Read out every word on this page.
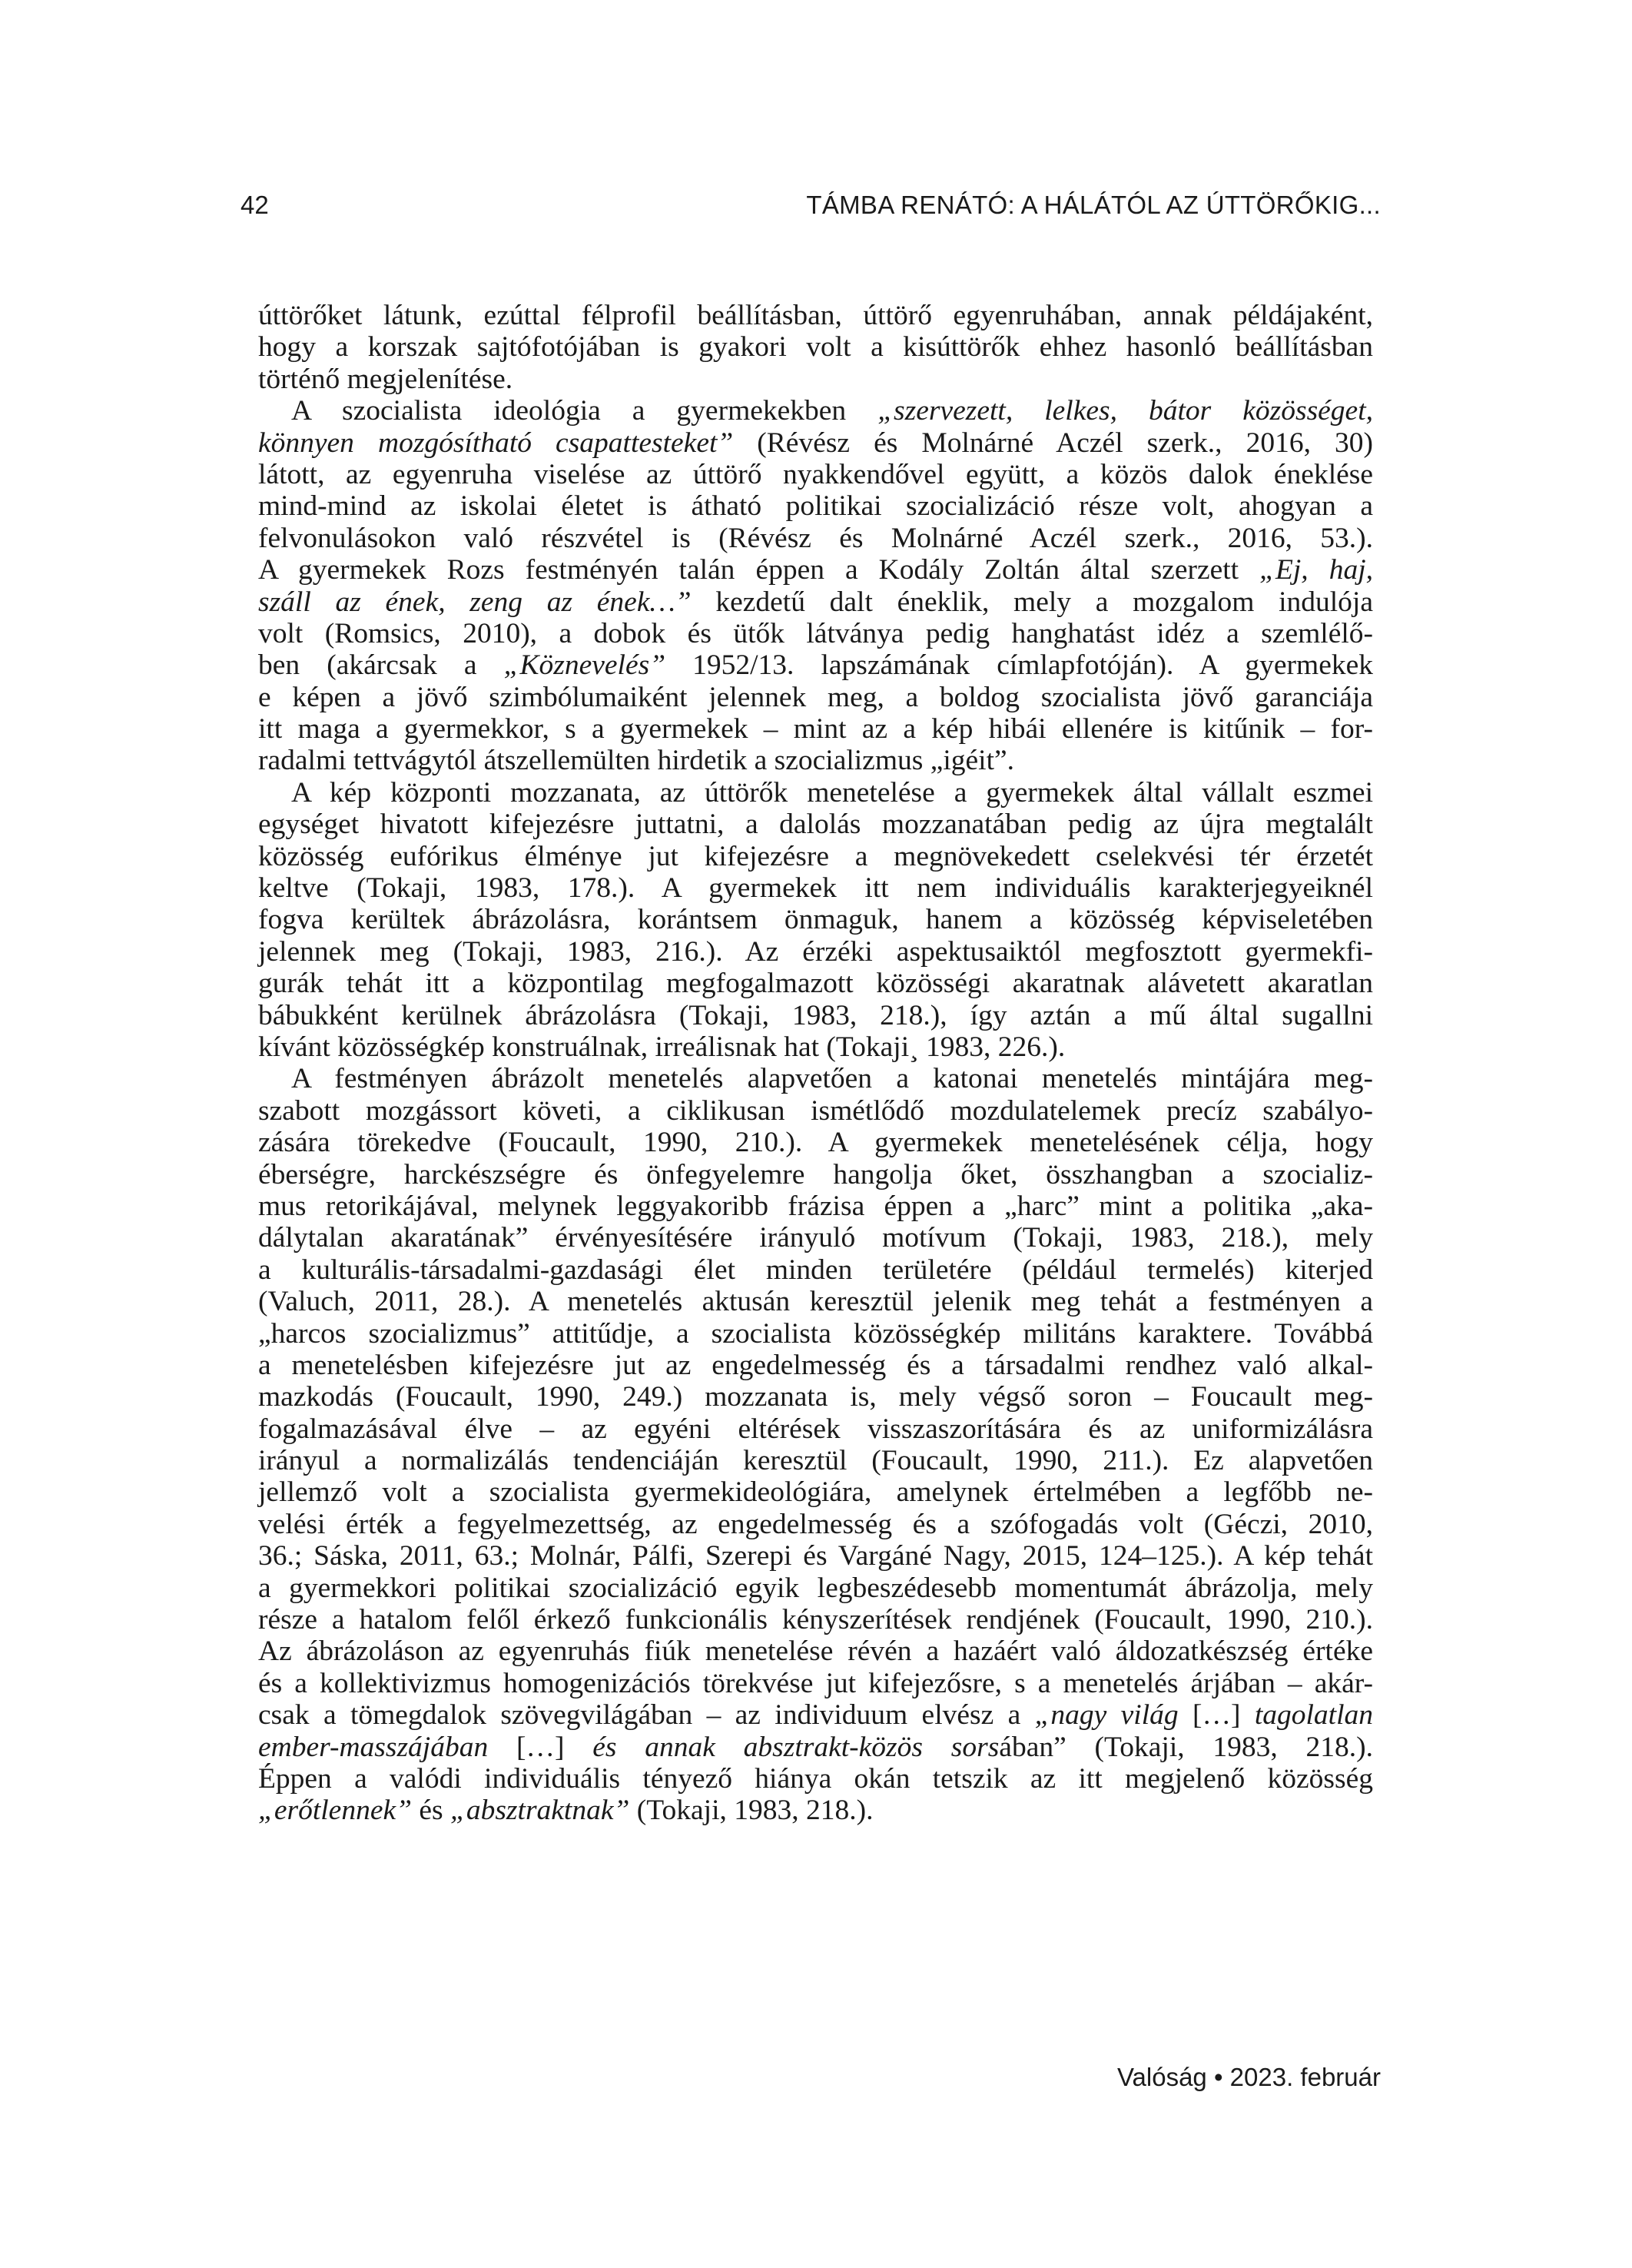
42	TÁMBA RENÁTÓ: A HÁLÁTÓL AZ ÚTTÖRŐKIG...
úttörőket látunk, ezúttal félprofil beállításban, úttörő egyenruhában, annak példájaként,
hogy a korszak sajtófotójában is gyakori volt a kisúttörők ehhez hasonló beállításban
történő megjelenítése.
A szocialista ideológia a gyermekekben „szervezett, lelkes, bátor közösséget,
könnyen mozgósítható csapattesteket” (Révész és Molnárné Aczél szerk., 2016, 30)
látott, az egyenruha viselése az úttörő nyakkendővel együtt, a közös dalok éneklése
mind-mind az iskolai életet is átható politikai szocializáció része volt, ahogyan a
felvonulásokon való részvétel is (Révész és Molnárné Aczél szerk., 2016, 53.).
A gyermekek Rozs festményén talán éppen a Kodály Zoltán által szerzett „Ej, haj,
száll az ének, zeng az ének…” kezdetű dalt éneklik, mely a mozgalom indulója
volt (Romsics, 2010), a dobok és ütők látványa pedig hanghatást idéz a szemlélő-
ben (akárcsak a „Köznevelés” 1952/13. lapszámának címlapfotóján). A gyermekek
e képen a jövő szimbólumaiként jelennek meg, a boldog szocialista jövő garanciája
itt maga a gyermekkor, s a gyermekek – mint az a kép hibái ellenére is kitűnik – for-
radalmi tettvágytól átszellemülten hirdetik a szocializmus „igéit”.
A kép központi mozzanata, az úttörők menetelése a gyermekek által vállalt eszmei
egységet hivatott kifejezésre juttatni, a dalolás mozzanatában pedig az újra megtalált
közösség eufórikus élménye jut kifejezésre a megnövekedett cselekvési tér érzetét
keltve (Tokaji, 1983, 178.). A gyermekek itt nem individuális karakterjegyeiknél
fogva kerültek ábrázolásra, korántsem önmaguk, hanem a közösség képviseletében
jelennek meg (Tokaji, 1983, 216.). Az érzéki aspektusaiktól megfosztott gyermekfi-
gurák tehát itt a központilag megfogalmazott közösségi akaratnak alávetett akaratlan
bábukként kerülnek ábrázolásra (Tokaji, 1983, 218.), így aztán a mű által sugallni
kívánt közösségkép konstruálnak, irreálisnak hat (Tokaji¸ 1983, 226.).
A festményen ábrázolt menetelés alapvetően a katonai menetelés mintájára meg-
szabott mozgássort követi, a ciklikusan ismétlődő mozdulatelemek precíz szabályo-
zására törekedve (Foucault, 1990, 210.). A gyermekek menetelésének célja, hogy
éberségre, harckészségre és önfegyelemre hangolja őket, összhangban a szocializ-
mus retorikájával, melynek leggyakoribb frázisa éppen a „harc” mint a politika „aka-
dálytalan akaratának” érvényesítésére irányuló motívum (Tokaji, 1983, 218.), mely
a kulturális-társadalmi-gazdasági élet minden területére (például termelés) kiterjed
(Valuch, 2011, 28.). A menetelés aktusán keresztül jelenik meg tehát a festményen a
„harcos szocializmus” attitűdje, a szocialista közösségkép militáns karaktere. Továbbá
a menetelésben kifejezésre jut az engedelmesség és a társadalmi rendhez való alkal-
mazkodás (Foucault, 1990, 249.) mozzanata is, mely végső soron – Foucault meg-
fogalmazásával élve – az egyéni eltérések visszaszorítására és az uniformizálásra
irányul a normalizálás tendenciáján keresztül (Foucault, 1990, 211.). Ez alapvetően
jellemző volt a szocialista gyermekideológiára, amelynek értelmében a legfőbb ne-
velési érték a fegyelmezettség, az engedelmesség és a szófogadás volt (Géczi, 2010,
36.; Sáska, 2011, 63.; Molnár, Pálfi, Szerepi és Vargáné Nagy, 2015, 124–125.). A kép tehát
a gyermekkori politikai szocializáció egyik legbeszédesebb momentumát ábrázolja, mely
része a hatalom felől érkező funkcionális kényszerítések rendjének (Foucault, 1990, 210.).
Az ábrázoláson az egyenruhás fiúk menetelése révén a hazáért való áldozatkészség értéke
és a kollektivizmus homogenizációs törekvése jut kifejezősre, s a menetelés árjában – akár-
csak a tömegdalok szövegvilágában – az individuum elvész a „nagy világ […] tagolatlan
ember-masszájában […] és annak absztrakt-közös sorsában” (Tokaji, 1983, 218.).
Éppen a valódi individuális tényező hiánya okán tetszik az itt megjelenő közösség
„erőtlennek” és „absztraktnak” (Tokaji, 1983, 218.).
Valóság • 2023. február
